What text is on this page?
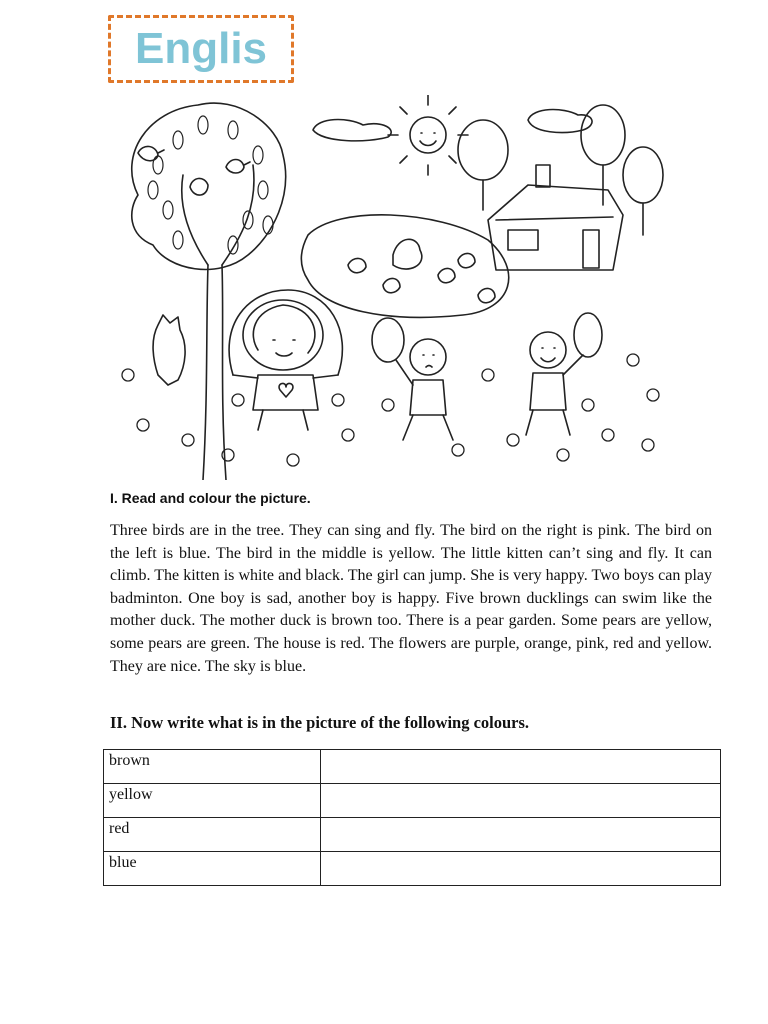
Englis
I. Read and colour the picture.

Three birds are in the tree. They can sing and fly. The bird on the right is pink. The bird on the left is blue. The bird in the middle is yellow. The little kitten can’t sing and fly. It can climb. The kitten is white and black. The girl can jump. She is very happy. Two boys can play badminton. One boy is sad, another boy is happy. Five brown ducklings can swim like the mother duck. The mother duck is brown too. There is a pear garden. Some pears are yellow, some pears are green. The house is red. The flowers are purple, orange, pink, red and yellow. They are nice. The sky is blue.

II. Now write what is in the picture of the following colours.
brown	
yellow	
red	
blue	
